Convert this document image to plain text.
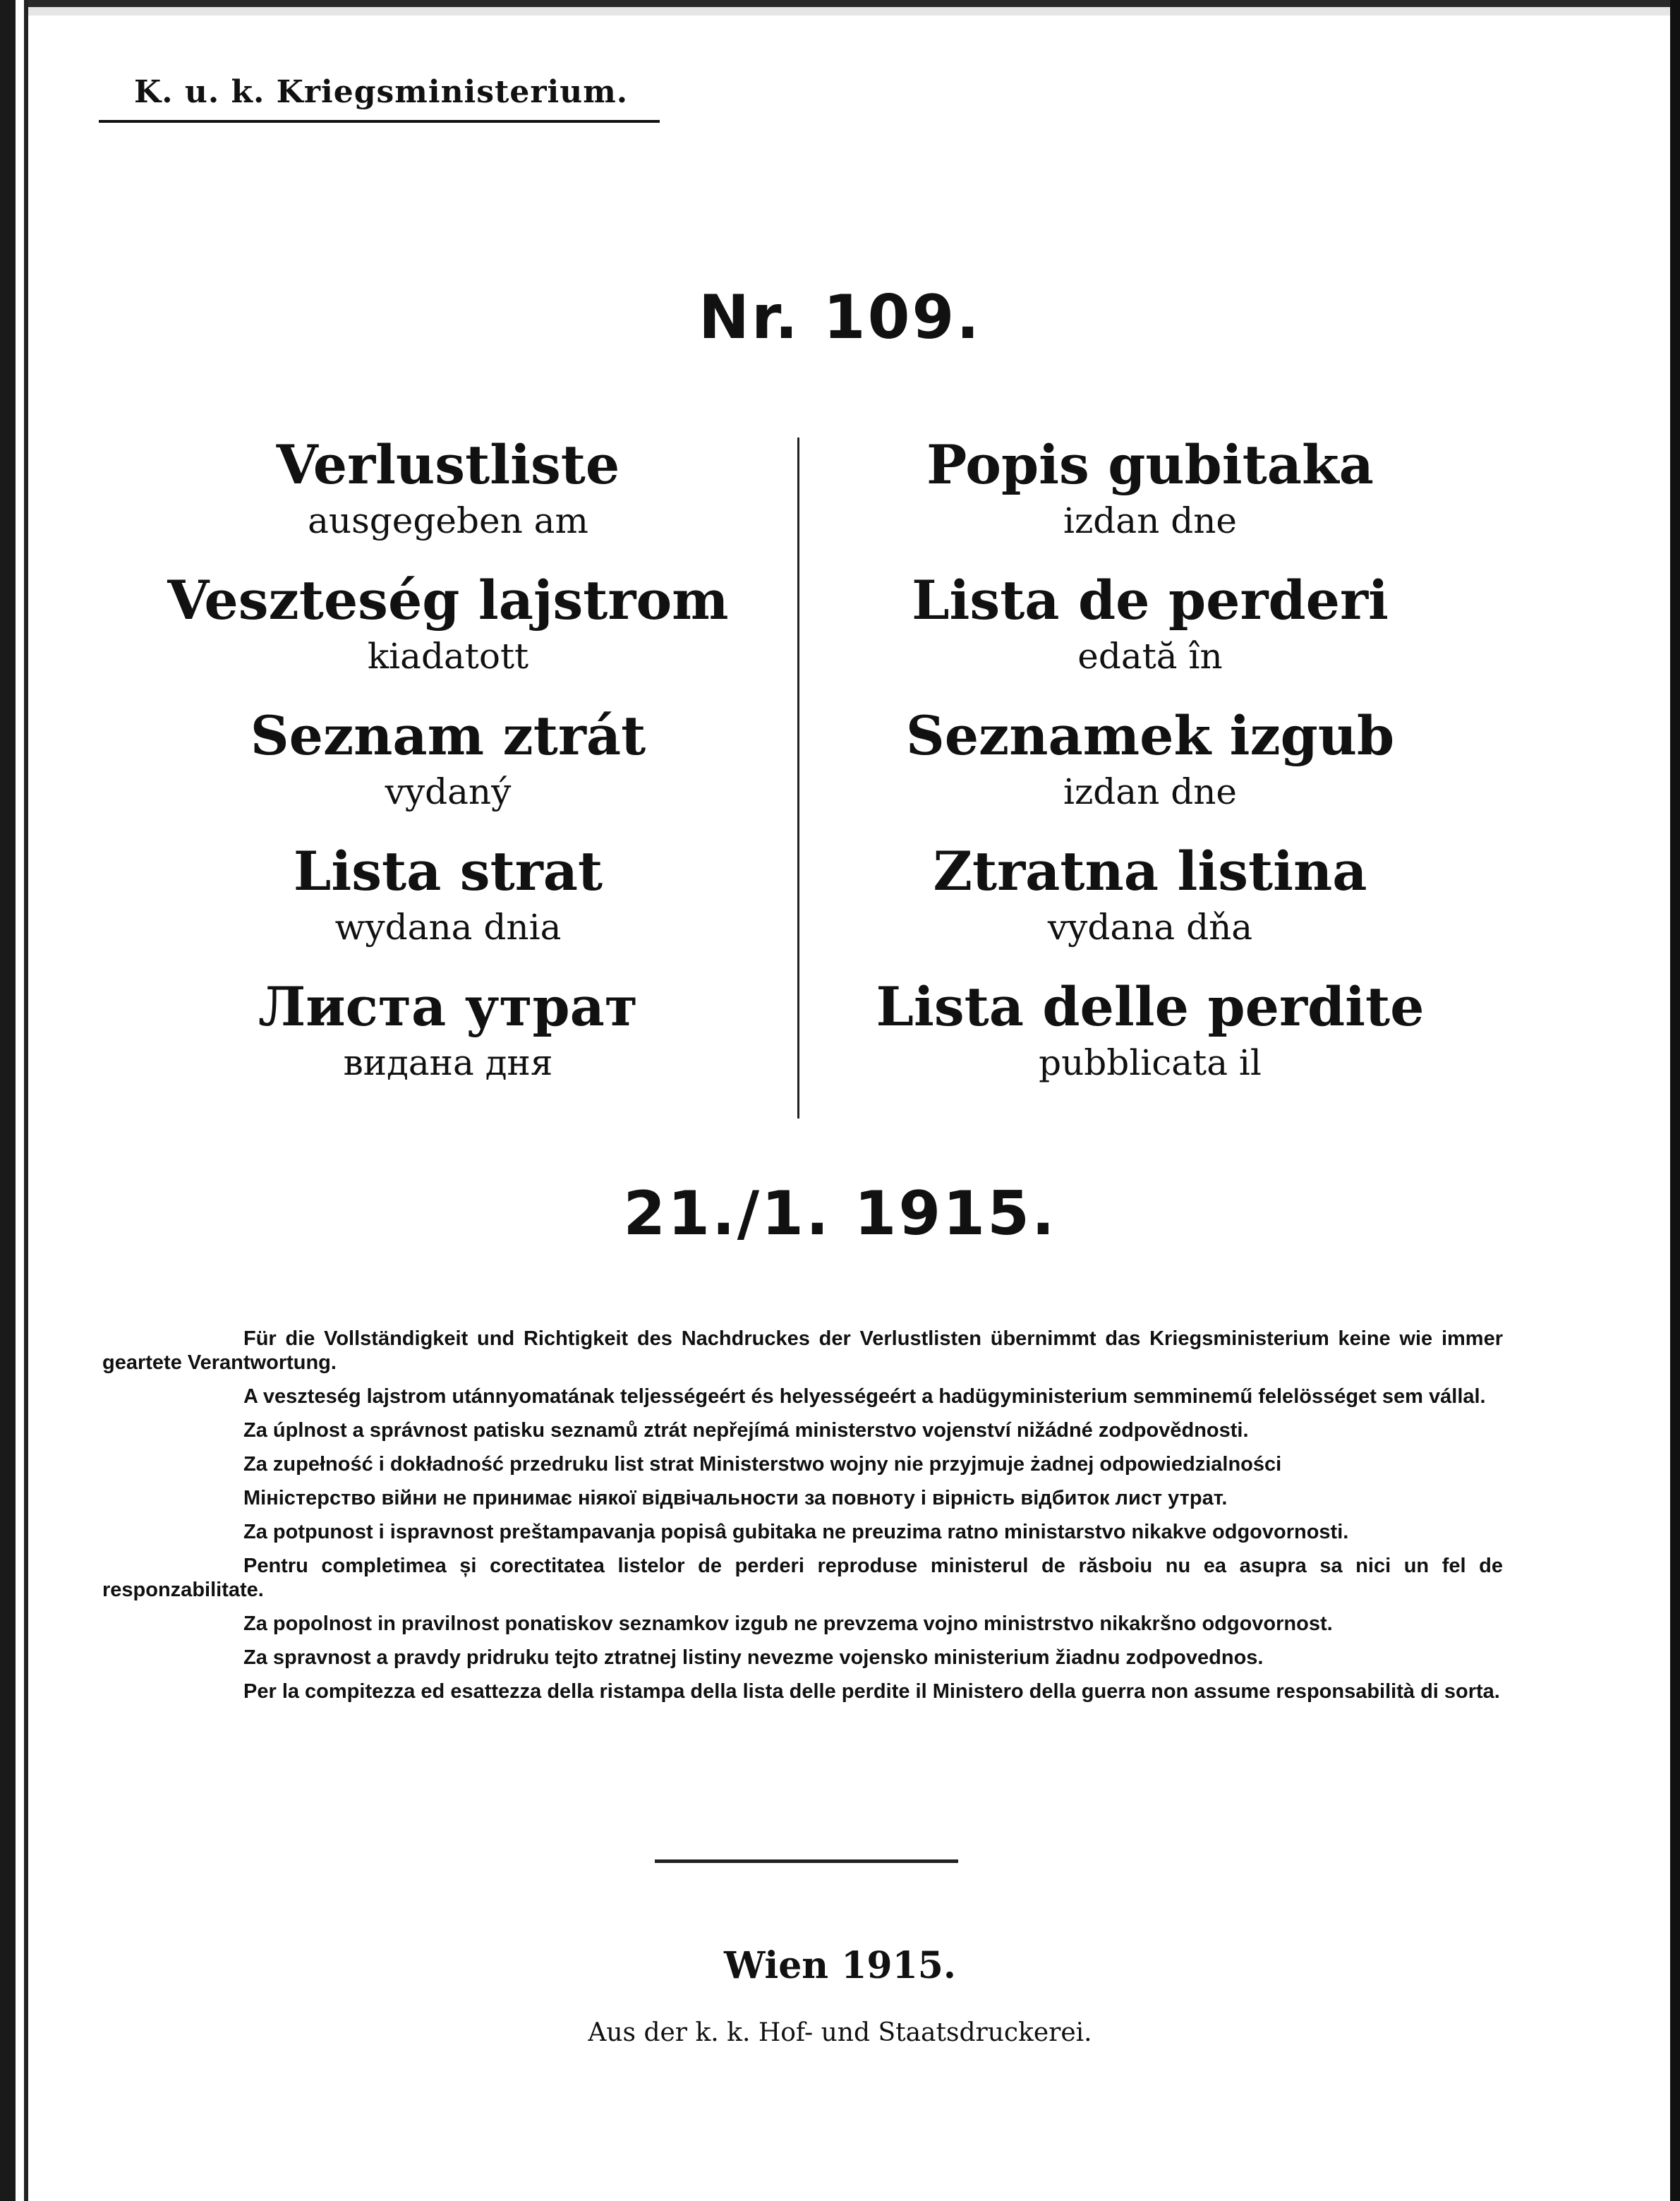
K. u. k. Kriegsministerium.
Nr. 109.
Verlustliste
ausgegeben am
Veszteség lajstrom
kiadatott
Seznam ztrát
vydaný
Lista strat
wydana dnia
Листа утрат
видана дня
Popis gubitaka
izdan dne
Lista de perderi
edată în
Seznamek izgub
izdan dne
Ztratna listina
vydana dňa
Lista delle perdite
pubblicata il
21./1. 1915.

Für die Vollständigkeit und Richtigkeit des Nachdruckes der Verlustlisten übernimmt das Kriegsministerium keine wie immer geartete Verantwortung.

A veszteség lajstrom utánnyomatának teljességeért és helyességeért a hadügyministerium semminemű felelösséget sem vállal.

Za úplnost a správnost patisku seznamů ztrát nepřejímá ministerstvo vojenství nižádné zodpovědnosti.

Za zupełność i dokładność przedruku list strat Ministerstwo wojny nie przyjmuje żadnej odpowiedzialności

Мiнiстерство вiйни не принимає нiякої вiдвiчальности за повноту i вiрнiсть вiдбиток лист утрат.

Za potpunost i ispravnost preštampavanja popisâ gubitaka ne preuzima ratno ministarstvo nikakve odgovornosti.

Pentru completimea și corectitatea listelor de perderi reproduse ministerul de răsboiu nu ea asupra sa nici un fel de responzabilitate.

Za popolnost in pravilnost ponatiskov seznamkov izgub ne prevzema vojno ministrstvo nikakršno odgovornost.

Za spravnost a pravdy pridruku tejto ztratnej listiny nevezme vojensko ministerium žiadnu zodpovednos.

Per la compitezza ed esattezza della ristampa della lista delle perdite il Ministero della guerra non assume responsabilità di sorta.

Wien 1915.
Aus der k. k. Hof- und Staatsdruckerei.
